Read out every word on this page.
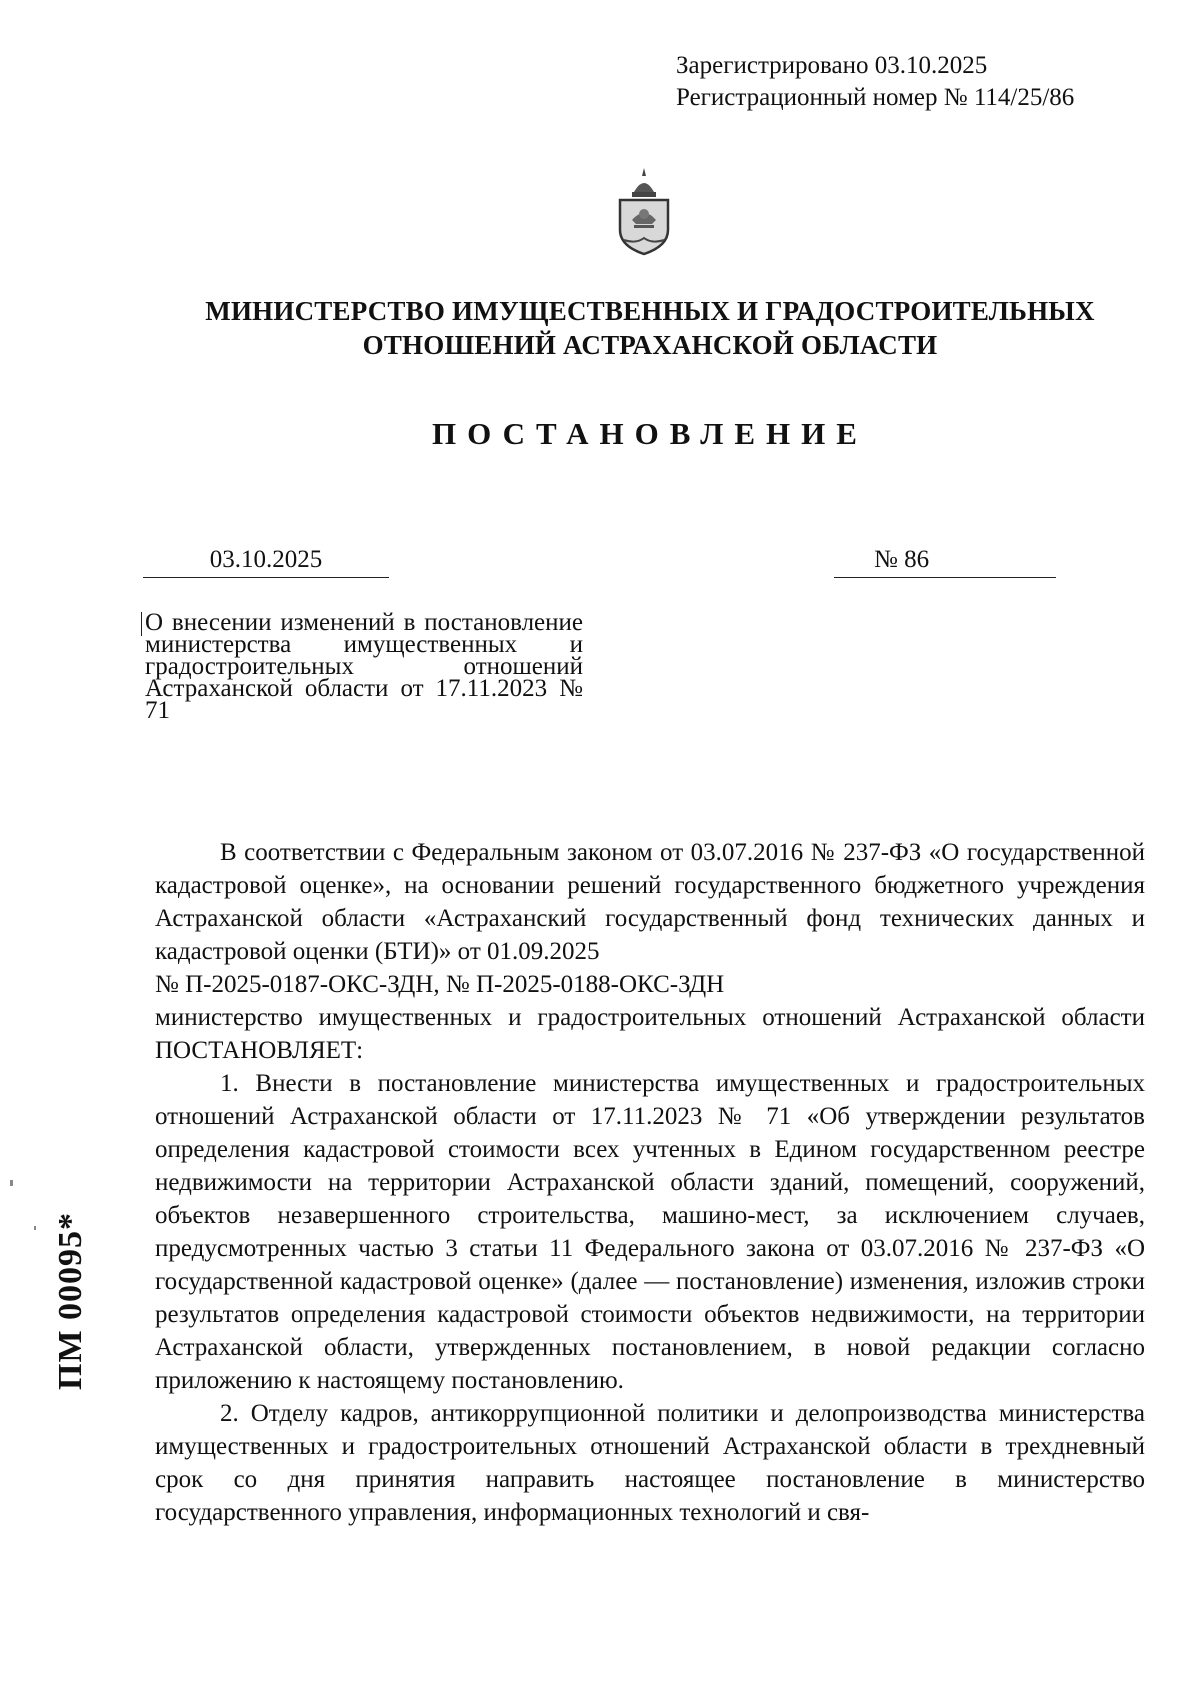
Зарегистрировано 03.10.2025
Регистрационный номер № 114/25/86
МИНИСТЕРСТВО ИМУЩЕСТВЕННЫХ И ГРАДОСТРОИТЕЛЬНЫХ
ОТНОШЕНИЙ АСТРАХАНСКОЙ ОБЛАСТИ
ПОСТАНОВЛЕНИЕ
03.10.2025	№ 86
О внесении изменений в постановление министерства имущественных и градостроительных отношений Астраханской области от 17.11.2023 № 71

В соответствии с Федеральным законом от 03.07.2016 № 237-ФЗ «О государственной кадастровой оценке», на основании решений государственного бюджетного учреждения Астраханской области «Астраханский государственный фонд технических данных и кадастровой оценки (БТИ)» от 01.09.2025

№ П-2025-0187-ОКС-ЗДН, № П-2025-0188-ОКС-ЗДН

министерство имущественных и градостроительных отношений Астраханской области ПОСТАНОВЛЯЕТ:

1. Внести в постановление министерства имущественных и градостроительных отношений Астраханской области от 17.11.2023 № 71 «Об утверждении результатов определения кадастровой стоимости всех учтенных в Едином государственном реестре недвижимости на территории Астраханской области зданий, помещений, сооружений, объектов незавершенного строительства, машино-мест, за исключением случаев, предусмотренных частью 3 статьи 11 Федерального закона от 03.07.2016 № 237-ФЗ «О государственной кадастровой оценке» (далее — постановление) изменения, изложив строки результатов определения кадастровой стоимости объектов недвижимости, на территории Астраханской области, утвержденных постановлением, в новой редакции согласно приложению к настоящему постановлению.

2. Отделу кадров, антикоррупционной политики и делопроизводства министерства имущественных и градостроительных отношений Астраханской области в трехдневный срок со дня принятия направить настоящее постановление в министерство государственного управления, информационных технологий и свя-

ПМ 00095*
